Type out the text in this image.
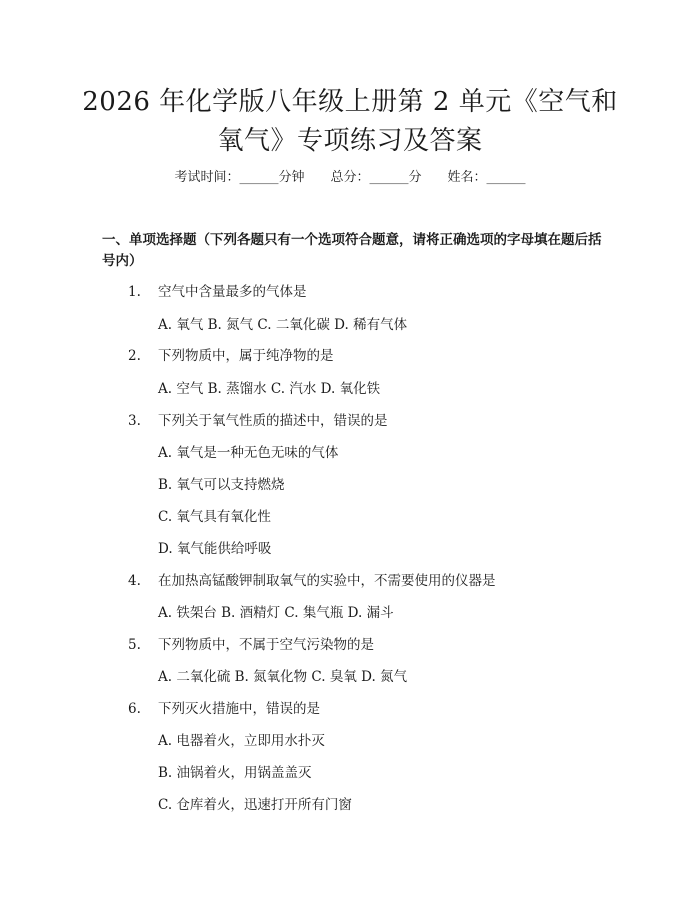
2026 年化学版八年级上册第 2 单元《空气和
氧气》专项练习及答案
考试时间：______分钟 总分：______分 姓名：______
一、单项选择题（下列各题只有一个选项符合题意，请将正确选项的字母填在题后括号内）
1. 空气中含量最多的气体是
A. 氧气 B. 氮气 C. 二氧化碳 D. 稀有气体
2. 下列物质中，属于纯净物的是
A. 空气 B. 蒸馏水 C. 汽水 D. 氧化铁
3. 下列关于氧气性质的描述中，错误的是
A. 氧气是一种无色无味的气体
B. 氧气可以支持燃烧
C. 氧气具有氧化性
D. 氧气能供给呼吸
4. 在加热高锰酸钾制取氧气的实验中，不需要使用的仪器是
A. 铁架台 B. 酒精灯 C. 集气瓶 D. 漏斗
5. 下列物质中，不属于空气污染物的是
A. 二氧化硫 B. 氮氧化物 C. 臭氧 D. 氮气
6. 下列灭火措施中，错误的是
A. 电器着火，立即用水扑灭
B. 油锅着火，用锅盖盖灭
C. 仓库着火，迅速打开所有门窗
